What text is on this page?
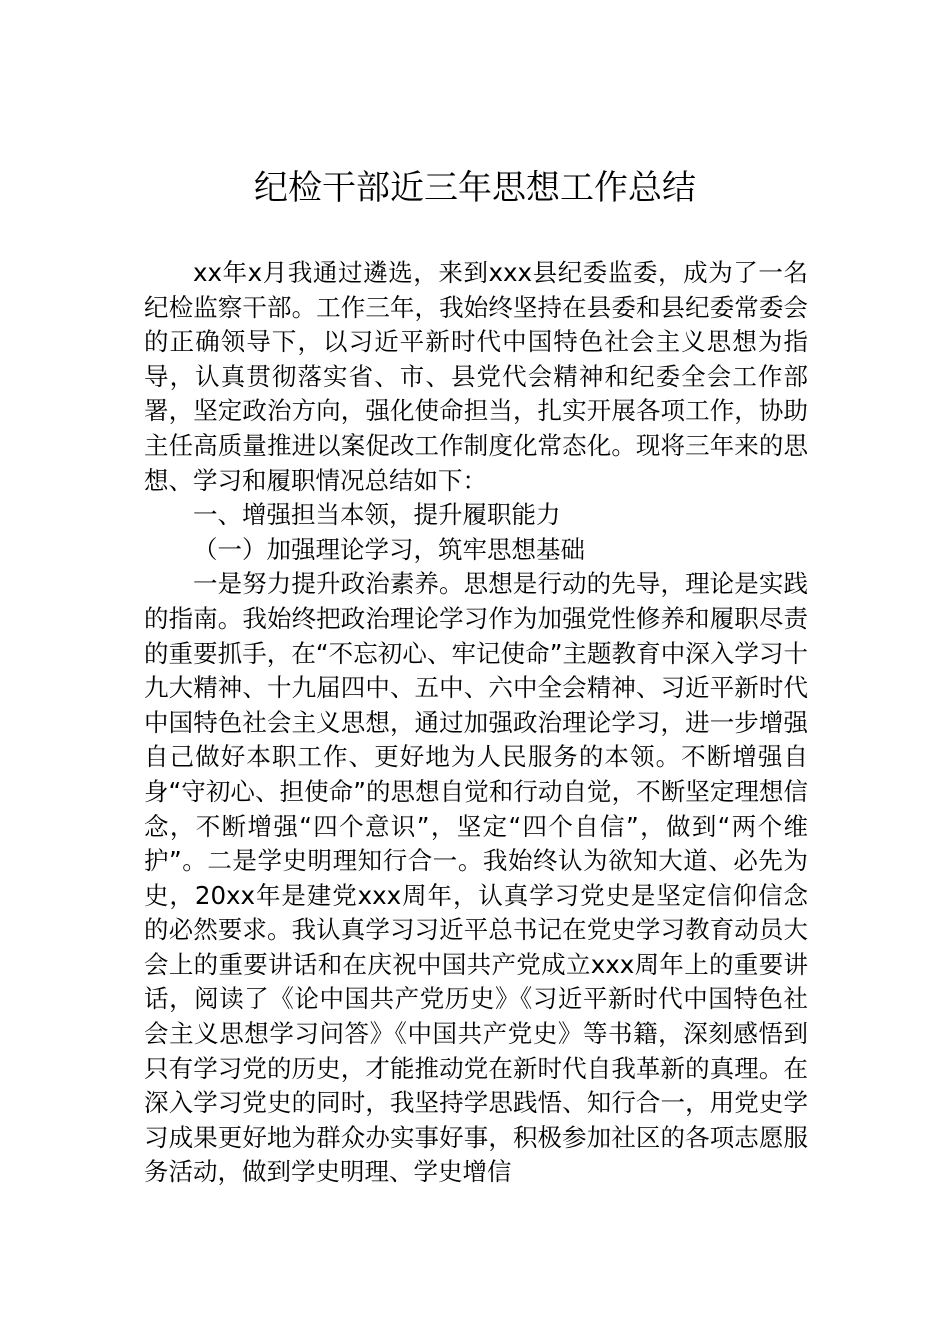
纪检干部近三年思想工作总结

xx年x月我通过遴选，来到xxx县纪委监委，成为了一名纪检监察干部。工作三年，我始终坚持在县委和县纪委常委会的正确领导下，以习近平新时代中国特色社会主义思想为指导，认真贯彻落实省、市、县党代会精神和纪委全会工作部署，坚定政治方向，强化使命担当，扎实开展各项工作，协助主任高质量推进以案促改工作制度化常态化。现将三年来的思想、学习和履职情况总结如下：

一、增强担当本领，提升履职能力

（一）加强理论学习，筑牢思想基础

一是努力提升政治素养。思想是行动的先导，理论是实践的指南。我始终把政治理论学习作为加强党性修养和履职尽责的重要抓手，在“不忘初心、牢记使命”主题教育中深入学习十九大精神、十九届四中、五中、六中全会精神、习近平新时代中国特色社会主义思想，通过加强政治理论学习，进一步增强自己做好本职工作、更好地为人民服务的本领。不断增强自身“守初心、担使命”的思想自觉和行动自觉，不断坚定理想信念，不断增强“四个意识”，坚定“四个自信”，做到“两个维护”。二是学史明理知行合一。我始终认为欲知大道、必先为史，20xx年是建党xxx周年，认真学习党史是坚定信仰信念的必然要求。我认真学习习近平总书记在党史学习教育动员大会上的重要讲话和在庆祝中国共产党成立xxx周年上的重要讲话，阅读了《论中国共产党历史》《习近平新时代中国特色社会主义思想学习问答》《中国共产党史》等书籍，深刻感悟到只有学习党的历史，才能推动党在新时代自我革新的真理。在深入学习党史的同时，我坚持学思践悟、知行合一，用党史学习成果更好地为群众办实事好事，积极参加社区的各项志愿服务活动，做到学史明理、学史增信
